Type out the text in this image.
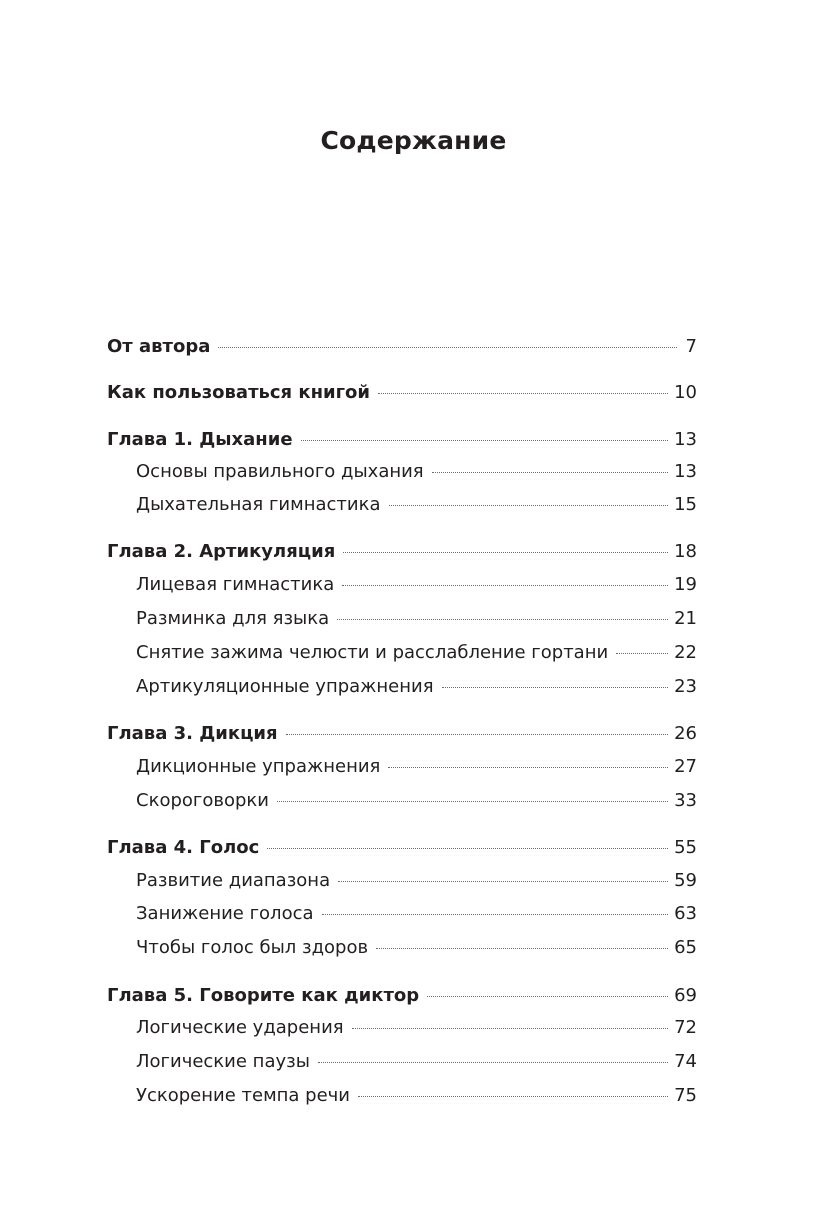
Содержание
От автора	7
Как пользоваться книгой	10
Глава 1. Дыхание	13
Основы правильного дыхания	13
Дыхательная гимнастика	15
Глава 2. Артикуляция	18
Лицевая гимнастика	19
Разминка для языка	21
Снятие зажима челюсти и расслабление гортани	22
Артикуляционные упражнения	23
Глава 3. Дикция	26
Дикционные упражнения	27
Скороговорки	33
Глава 4. Голос	55
Развитие диапазона	59
Занижение голоса	63
Чтобы голос был здоров	65
Глава 5. Говорите как диктор	69
Логические ударения	72
Логические паузы	74
Ускорение темпа речи	75
